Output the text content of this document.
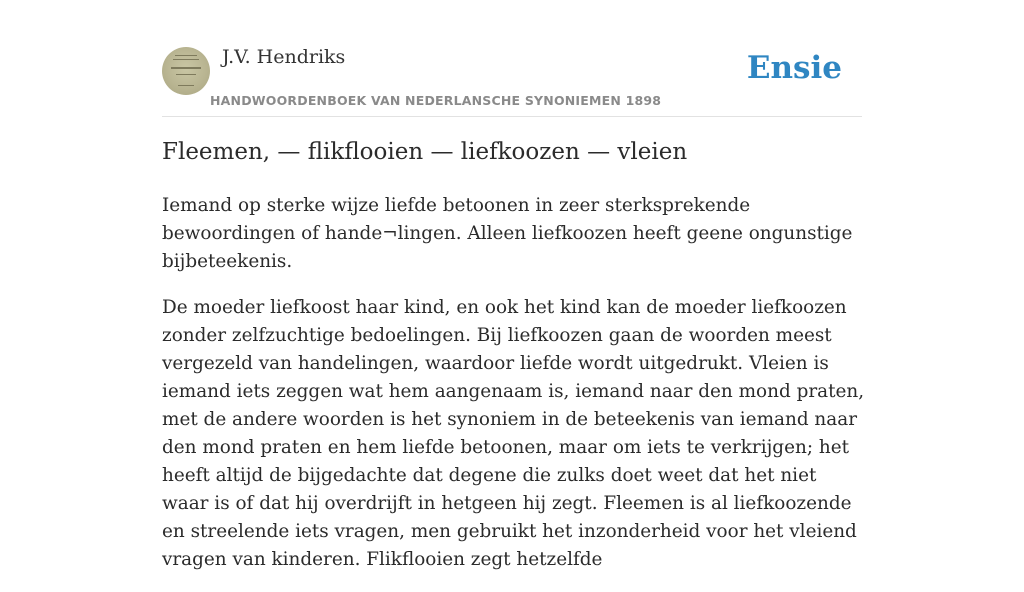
J.V. Hendriks
HANDWOORDENBOEK VAN NEDERLANSCHE SYNONIEMEN 1898
Ensie
Fleemen, — flikflooien — liefkoozen — vleien

Iemand op sterke wijze liefde betoonen in zeer sterksprekende bewoordingen of hande¬lingen. Alleen liefkoozen heeft geene ongunstige bijbeteekenis.

De moeder liefkoost haar kind, en ook het kind kan de moeder liefkoozen zonder zelfzuchtige bedoelingen. Bij liefkoozen gaan de woorden meest vergezeld van handelingen, waardoor liefde wordt uitgedrukt. Vleien is iemand iets zeggen wat hem aangenaam is, iemand naar den mond praten, met de andere woorden is het synoniem in de beteekenis van iemand naar den mond praten en hem liefde betoonen, maar om iets te verkrijgen; het heeft altijd de bijgedachte dat degene die zulks doet weet dat het niet waar is of dat hij overdrijft in hetgeen hij zegt. Fleemen is al liefkoozende en streelende iets vragen, men gebruikt het inzonderheid voor het vleiend vragen van kinderen. Flikflooien zegt hetzelfde
